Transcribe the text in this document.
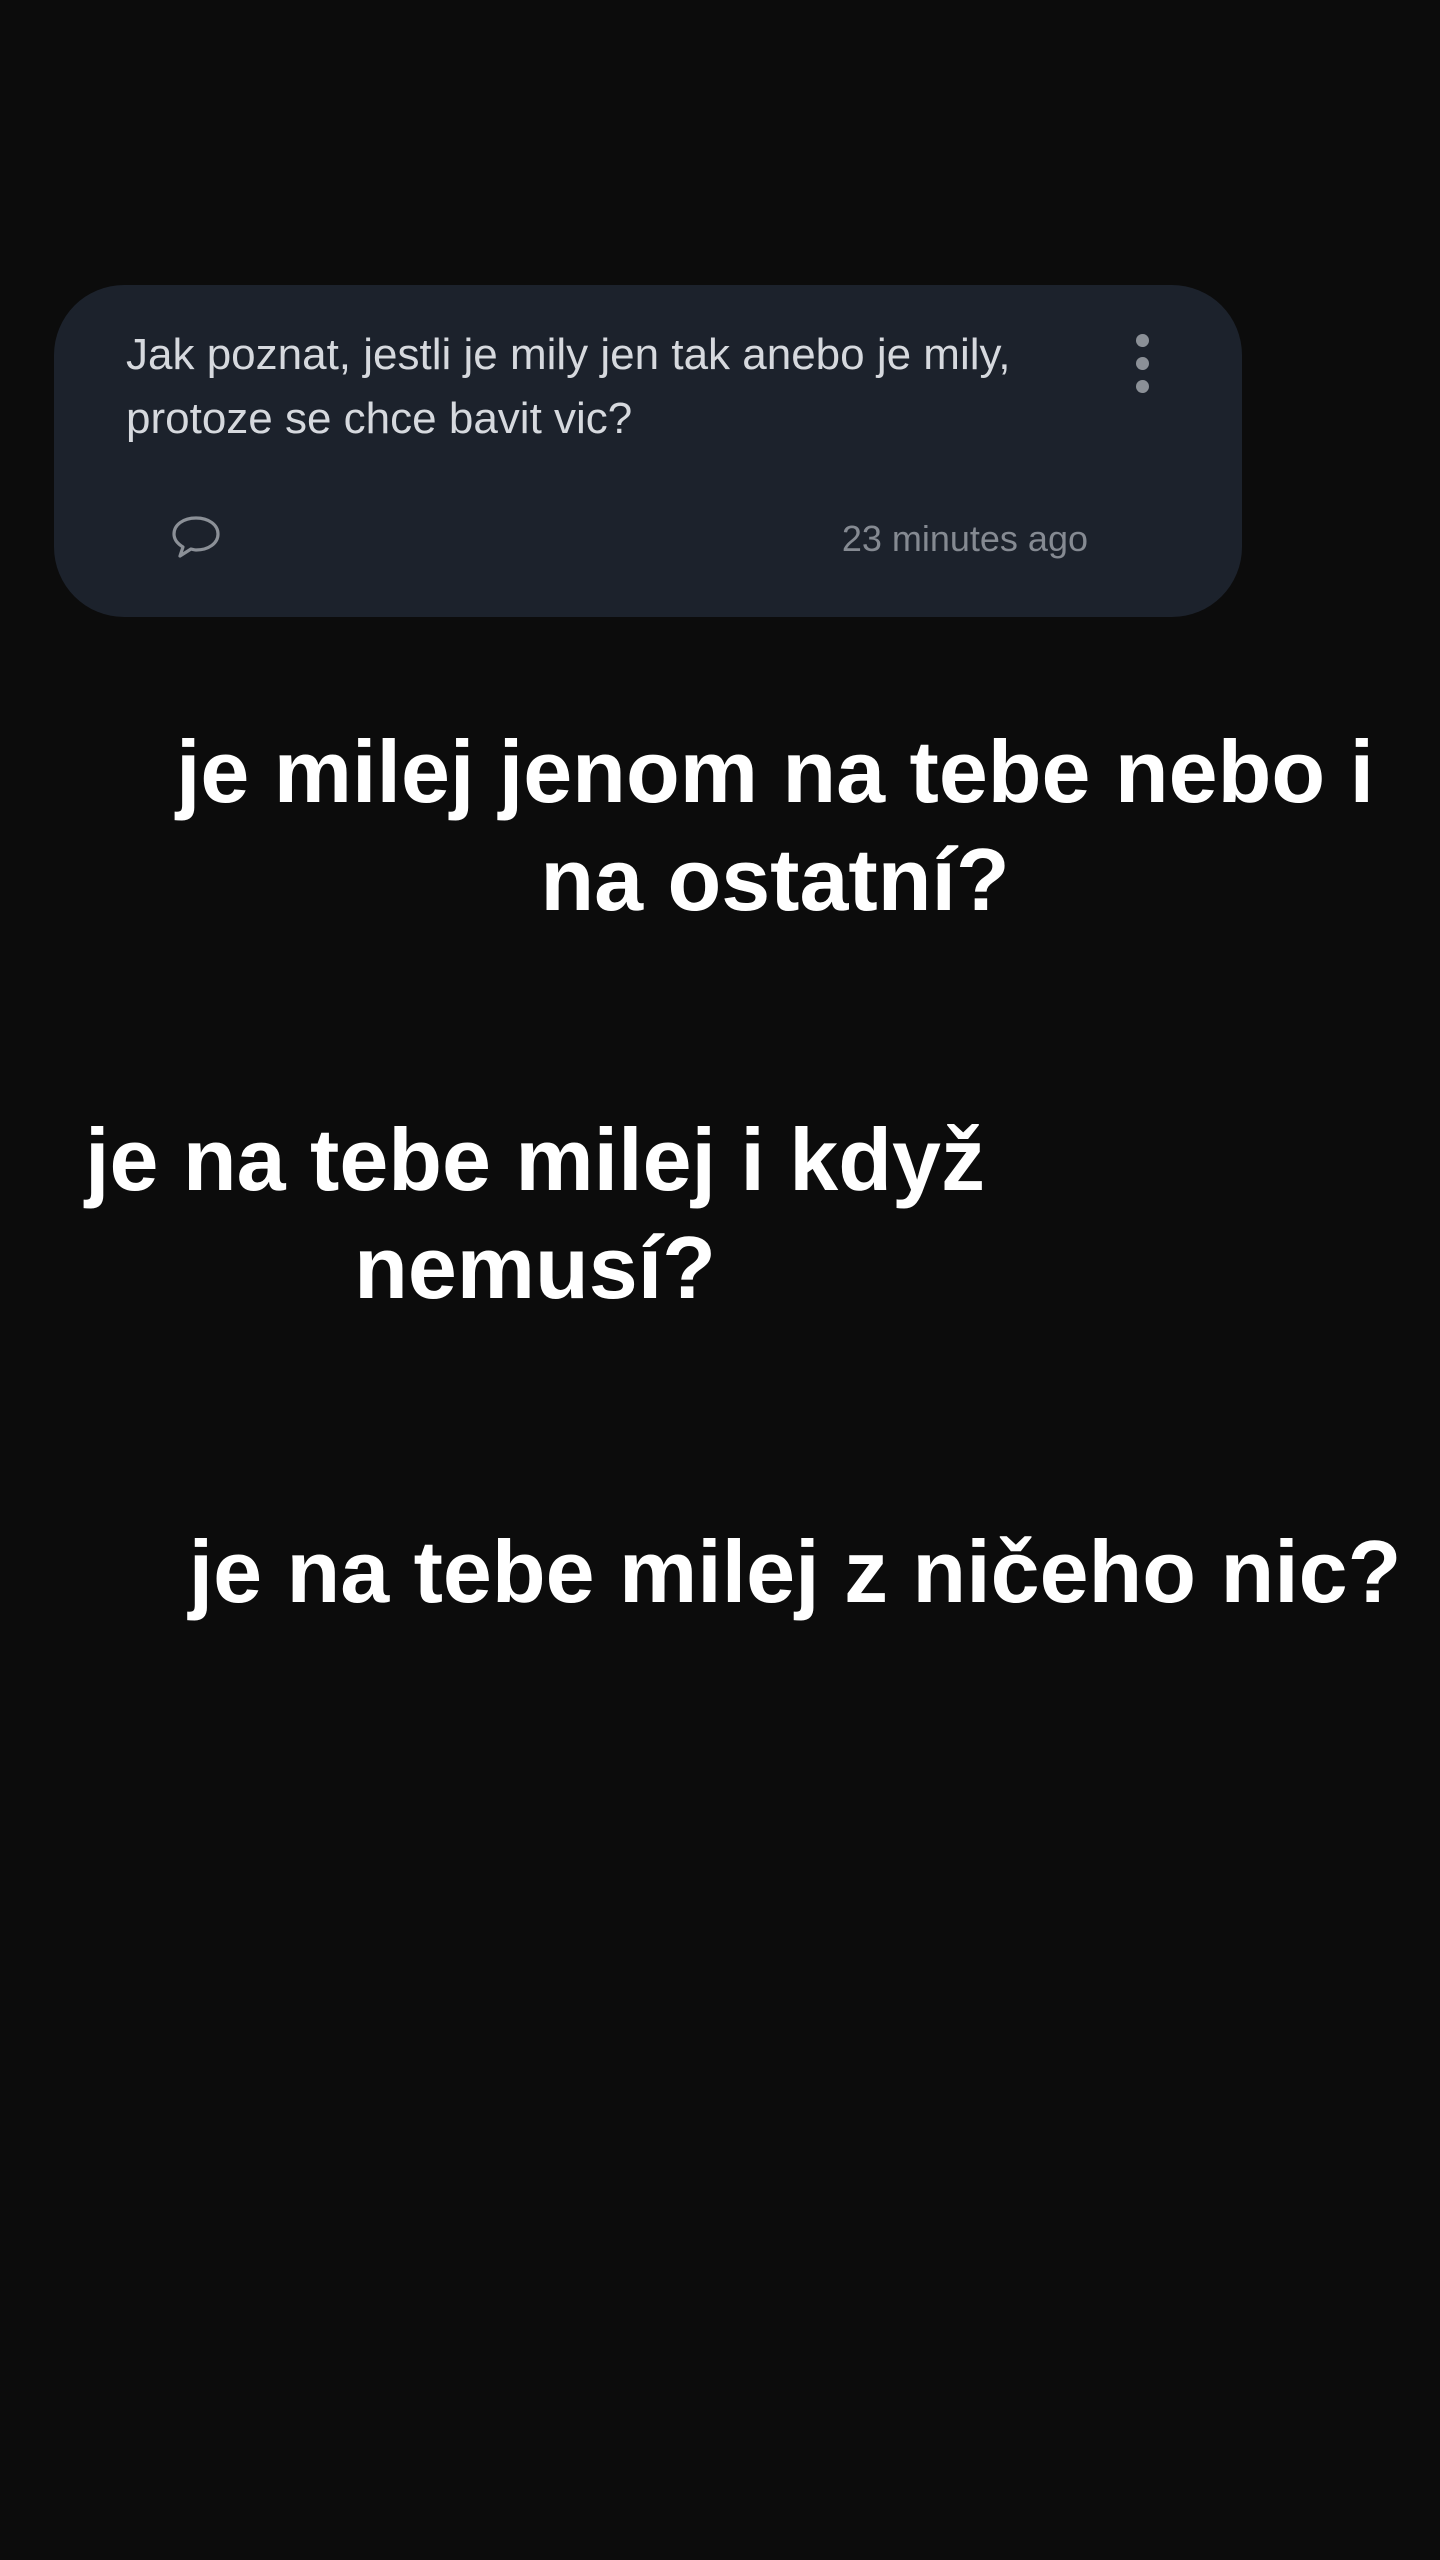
Jak poznat, jestli je mily jen tak anebo je mily, protoze se chce bavit vic?

23 minutes ago
je milej jenom na tebe nebo i
na ostatní?
je na tebe milej i když
nemusí?
je na tebe milej z ničeho nic?
